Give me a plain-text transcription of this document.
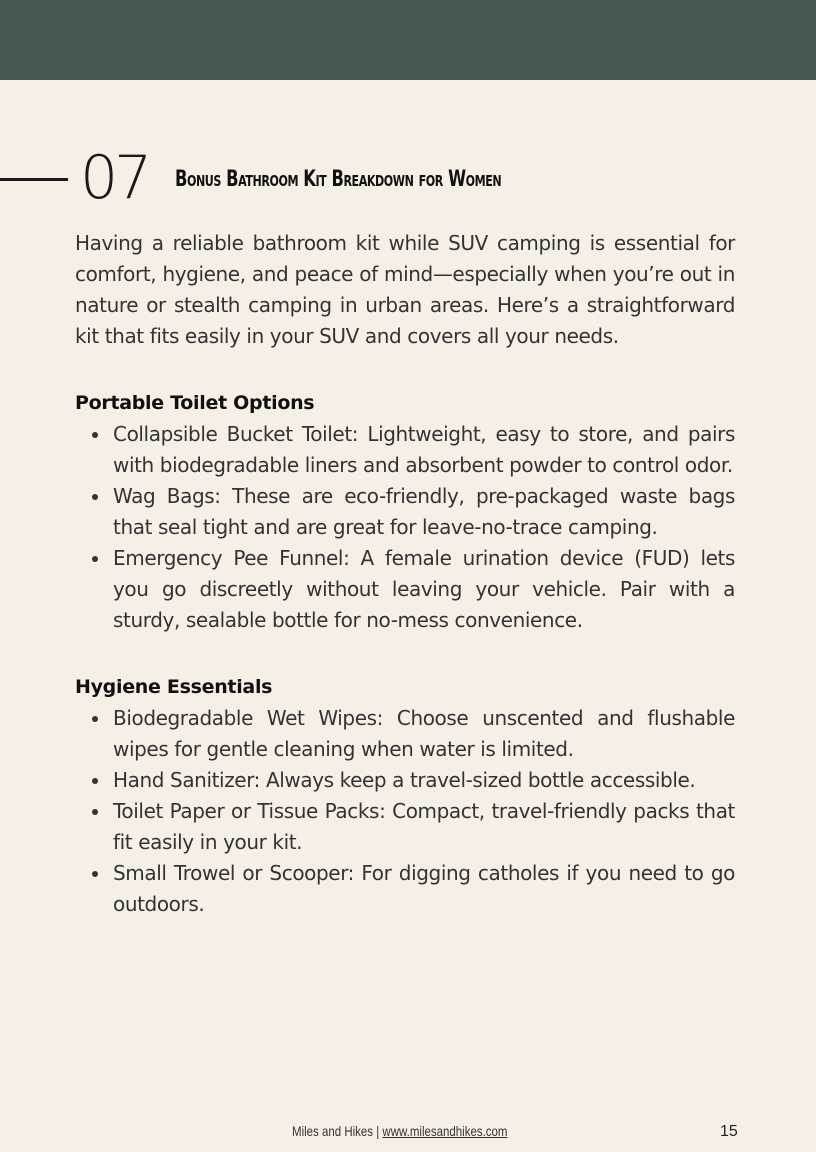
07 Bonus Bathroom Kit Breakdown for Women

Having a reliable bathroom kit while SUV camping is essential for comfort, hygiene, and peace of mind—especially when you’re out in nature or stealth camping in urban areas. Here’s a straightforward kit that fits easily in your SUV and covers all your needs.

Portable Toilet Options
Collapsible Bucket Toilet: Lightweight, easy to store, and pairs with biodegradable liners and absorbent powder to control odor.
Wag Bags: These are eco-friendly, pre-packaged waste bags that seal tight and are great for leave-no-trace camping.
Emergency Pee Funnel: A female urination device (FUD) lets you go discreetly without leaving your vehicle. Pair with a sturdy, sealable bottle for no-mess convenience.
Hygiene Essentials
Biodegradable Wet Wipes: Choose unscented and flushable wipes for gentle cleaning when water is limited.
Hand Sanitizer: Always keep a travel-sized bottle accessible.
Toilet Paper or Tissue Packs: Compact, travel-friendly packs that fit easily in your kit.
Small Trowel or Scooper: For digging catholes if you need to go outdoors.
Miles and Hikes | www.milesandhikes.com	15
